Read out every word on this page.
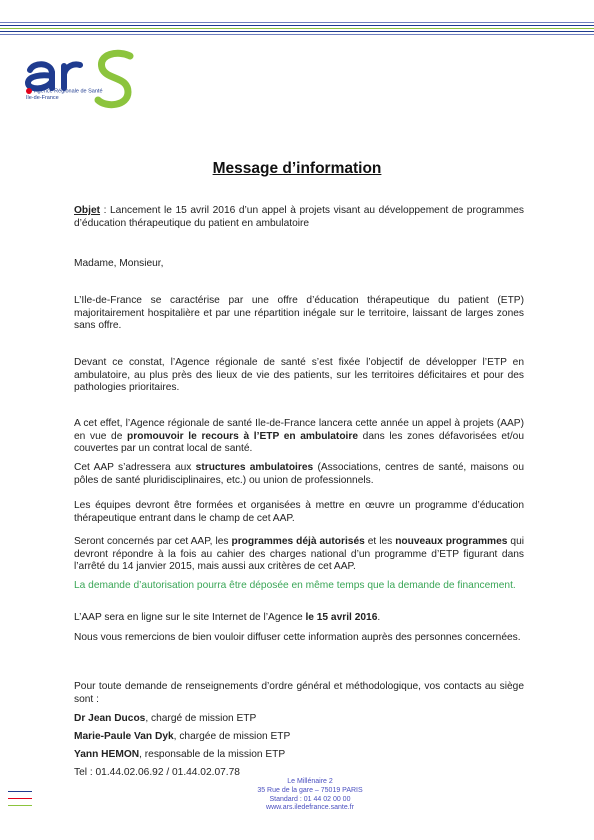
Agence Régionale de Santé
Ile-de-France
Message d’information

Objet : Lancement le 15 avril 2016 d’un appel à projets visant au développement de programmes d’éducation thérapeutique du patient en ambulatoire

Madame, Monsieur,

L’Ile-de-France se caractérise par une offre d’éducation thérapeutique du patient (ETP) majoritairement hospitalière et par une répartition inégale sur le territoire, laissant de larges zones sans offre.

Devant ce constat, l’Agence régionale de santé s’est fixée l’objectif de développer l’ETP en ambulatoire, au plus près des lieux de vie des patients, sur les territoires déficitaires et pour des pathologies prioritaires.

A cet effet, l’Agence régionale de santé Ile-de-France lancera cette année un appel à projets (AAP) en vue de promouvoir le recours à l’ETP en ambulatoire dans les zones défavorisées et/ou couvertes par un contrat local de santé.

Cet AAP s’adressera aux structures ambulatoires (Associations, centres de santé, maisons ou pôles de santé pluridisciplinaires, etc.) ou union de professionnels.

Les équipes devront être formées et organisées à mettre en œuvre un programme d’éducation thérapeutique entrant dans le champ de cet AAP.

Seront concernés par cet AAP, les programmes déjà autorisés et les nouveaux programmes qui devront répondre à la fois au cahier des charges national d’un programme d’ETP figurant dans l’arrêté du 14 janvier 2015, mais aussi aux critères de cet AAP.

La demande d’autorisation pourra être déposée en même temps que la demande de financement.

L’AAP sera en ligne sur le site Internet de l’Agence le 15 avril 2016.

Nous vous remercions de bien vouloir diffuser cette information auprès des personnes concernées.

Pour toute demande de renseignements d’ordre général et méthodologique, vos contacts au siège sont :

Dr Jean Ducos, chargé de mission ETP
Marie-Paule Van Dyk, chargée de mission ETP
Yann HEMON, responsable de la mission ETP
Tel : 01.44.02.06.92 / 01.44.02.07.78
Le Millénaire 2
35 Rue de la gare – 75019 PARIS
Standard : 01 44 02 00 00
www.ars.iledefrance.sante.fr
